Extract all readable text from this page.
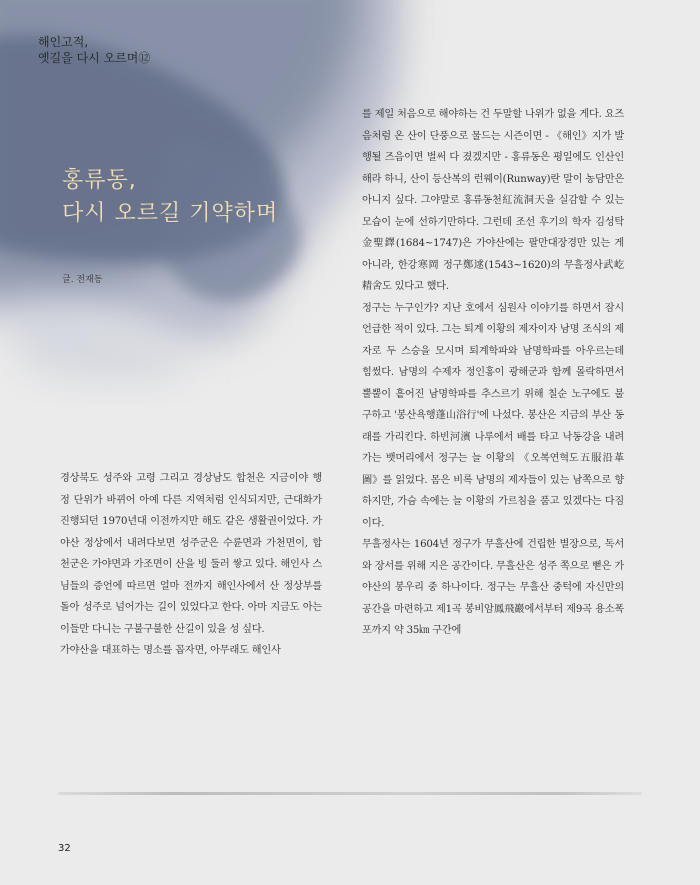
해인고적,
옛길을 다시 오르며⑫
홍류동,
다시 오르길 기약하며
글. 전재동

경상북도 성주와 고령 그리고 경상남도 합천은 지금이야 행정 단위가 바뀌어 아예 다른 지역처럼 인식되지만, 근대화가 진행되던 1970년대 이전까지만 해도 같은 생활권이었다. 가야산 정상에서 내려다보면 성주군은 수륜면과 가천면이, 합천군은 가야면과 가조면이 산을 빙 둘러 쌓고 있다. 해인사 스님들의 증언에 따르면 얼마 전까지 해인사에서 산 정상부를 돌아 성주로 넘어가는 길이 있었다고 한다. 아마 지금도 아는 이들만 다니는 구불구불한 산길이 있을 성 싶다.

가야산을 대표하는 명소를 꼽자면, 아무래도 해인사

를 제일 처음으로 해야하는 건 두말할 나위가 없을 게다. 요즈음처럼 온 산이 단풍으로 물드는 시즌이면 - 《해인》지가 발행될 즈음이면 벌써 다 졌겠지만 - 홍류동은 평일에도 인산인해라 하니, 산이 등산복의 런웨이(Runway)란 말이 농담만은 아니지 싶다. 그야말로 홍류동천紅流洞天을 실감할 수 있는 모습이 눈에 선하기만하다. 그런데 조선 후기의 학자 김성탁金聖鐸(1684~1747)은 가야산에는 팔만대장경만 있는 게 아니라, 한강寒岡 정구鄭逑(1543~1620)의 무흘정사武屹精舍도 있다고 했다.

정구는 누구인가? 지난 호에서 심원사 이야기를 하면서 잠시 언급한 적이 있다. 그는 퇴계 이황의 제자이자 남명 조식의 제자로 두 스승을 모시며 퇴계학파와 남명학파를 아우르는데 힘썼다. 남명의 수제자 정인홍이 광해군과 함께 몰락하면서 뿔뿔이 흩어진 남명학파를 추스르기 위해 칠순 노구에도 불구하고 '봉산욕행蓬山浴行'에 나섰다. 봉산은 지금의 부산 동래를 가리킨다. 하빈河濱 나루에서 배를 타고 낙동강을 내려가는 뱃머리에서 정구는 늘 이황의 《오복연혁도五服沿革圖》를 읽었다. 몸은 비록 남명의 제자들이 있는 남쪽으로 향하지만, 가슴 속에는 늘 이황의 가르침을 품고 있겠다는 다짐이다.

무흘정사는 1604년 정구가 무흘산에 건립한 별장으로, 독서와 장서를 위해 지은 공간이다. 무흘산은 성주 쪽으로 뻗은 가야산의 봉우리 중 하나이다. 정구는 무흘산 중턱에 자신만의 공간을 마련하고 제1곡 봉비암鳳飛巖에서부터 제9곡 용소폭포까지 약 35㎞ 구간에

32
